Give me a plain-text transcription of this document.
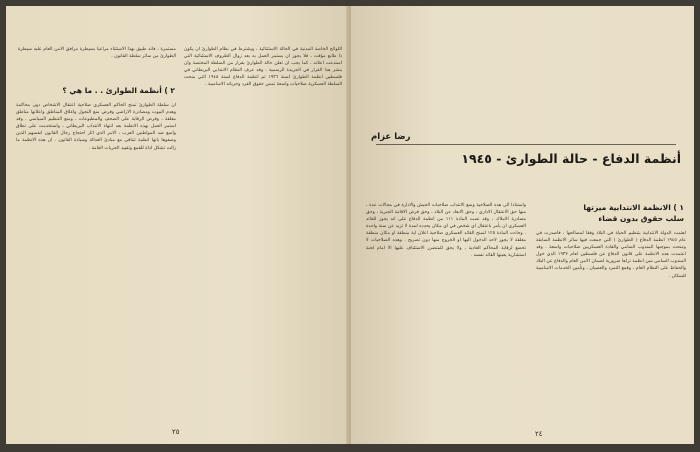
مستمرة ، فانه طبيق بهذا الاستثناء مراعيا بسيطرة مرافق الامن العام عليه سيطرة الطوارئ من سائر سلطة القانون .

٢ ) أنظمة الطوارئ . . ما هي ؟

ان سلطة الطوارئ تمنح الحاكم العسكري صلاحية اعتقال الاشخاص دون محاكمة وهدم البيوت ومصادرة الاراضي وفرض منع التجول واغلاق المناطق واعلانها مناطق مغلقة ، وفرض الرقابة على الصحف والمطبوعات ، ومنع التنظيم السياسي . وقد استمر العمل بهذه الانظمة بعد انتهاء الانتداب البريطاني ، واستخدمت على نطاق واسع ضد المواطنين العرب ، الامر الذي اثار احتجاج رجال القانون انفسهم الذين وصفوها بانها انظمة تتنافى مع مبادئ العدالة وسيادة القانون . ان هذه الانظمة ما زالت تشكل اداة للقمع وتقييد الحريات العامة .

اللوائح الخاصة المدنية في الحالة الاستثنائية ، ويشترط في نظام الطوارئ ان يكون ذا طابع مؤقت ، فلا يجوز ان يستمر العمل به بعد زوال الظروف الاستثنائية التي استدعت اعلانه ، كما يجب ان تعلن حالة الطوارئ بقرار من السلطة المختصة وان ينشر هذا القرار في الجريدة الرسمية . وقد عرف النظام الانتدابي البريطاني في فلسطين انظمة الطوارئ لسنة ١٩٣٦ ثم انظمة الدفاع لسنة ١٩٤٥ التي منحت السلطة العسكرية صلاحيات واسعة تمس حقوق الفرد وحرياته الاساسية .

٢٥
رضا عزام
أنظمة الدفاع - حالة الطوارئ - ١٩٤٥
١ ) الانظمة الانتدابية ميزتها
سلب حقوق بدون قضاء

اهتمت الدولة الانتدابية بتنظيم الحياة في البلاد وفقا لمصالحها ، فاصدرت في عام ١٩٤٥ انظمة الدفاع ( الطوارئ ) التي جمعت فيها سائر الانظمة السابقة ومنحت بموجبها المندوب السامي والقادة العسكريين صلاحيات واسعة . وقد اعتمدت هذه الانظمة على قانون الدفاع عن فلسطين لعام ١٩٣٧ الذي خول المندوب السامي سن انظمة تراها ضرورية لضمان الامن العام والدفاع عن البلاد والحفاظ على النظام العام ، وقمع التمرد والعصيان ، وتأمين الخدمات الاساسية للسكان .

واستنادا الى هذه الصلاحية وسع الانتداب صلاحيات الجيش والادارة في مجالات عدة ، منها حق الاعتقال الاداري ، وحق الابعاد عن البلاد ، وحق فرض الاقامة الجبرية ، وحق مصادرة الاملاك ، وقد نصت المادة ١١١ من انظمة الدفاع على انه يجوز للقائد العسكري ان يأمر باعتقال اي شخص في اي مكان يحدده لمدة لا تزيد عن سنة واحدة . وجاءت المادة ١٢٥ لتمنح القائد العسكري صلاحية اعلان اية منطقة او مكان منطقة مغلقة لا يجوز لاحد الدخول اليها او الخروج منها دون تصريح . وهذه الصلاحيات لا تخضع لرقابة المحاكم العادية ، ولا يحق للمتضرر الاستئناف عليها الا امام لجنة استشارية يعينها القائد نفسه .

٢٤
